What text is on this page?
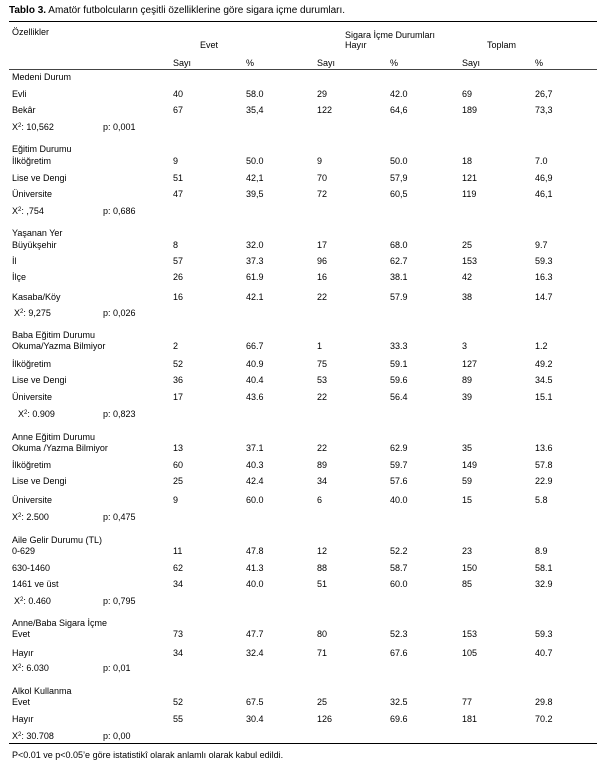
Tablo 3. Amatör futbolcuların çeşitli özelliklerine göre sigara içme durumları.
Özellikler	Sigara İçme Durumları
Evet	Hayır	Toplam
Sayı	%	Sayı	%	Sayı	%
Medeni Durum
Evli	40	58.0	29	42.0	69	26,7
Bekâr	67	35,4	122	64,6	189	73,3
$X^2$: 10,562	p: 0,001
Eğitim Durumu
İlköğretim	9	50.0	9	50.0	18	7.0
Lise ve Dengi	51	42,1	70	57,9	121	46,9
Üniversite	47	39,5	72	60,5	119	46,1
$X^2$: ,754	p: 0,686
Yaşanan Yer
Büyükşehir	8	32.0	17	68.0	25	9.7
İl	57	37.3	96	62.7	153	59.3
İlçe	26	61.9	16	38.1	42	16.3
Kasaba/Köy	16	42.1	22	57.9	38	14.7
$X^2$: 9,275	p: 0,026
Baba Eğitim Durumu
Okuma/Yazma Bilmiyor	2	66.7	1	33.3	3	1.2
İlköğretim	52	40.9	75	59.1	127	49.2
Lise ve Dengi	36	40.4	53	59.6	89	34.5
Üniversite	17	43.6	22	56.4	39	15.1
$X^2$: 0.909	p: 0,823
Anne Eğitim Durumu
Okuma /Yazma Bilmiyor	13	37.1	22	62.9	35	13.6
İlköğretim	60	40.3	89	59.7	149	57.8
Lise ve Dengi	25	42.4	34	57.6	59	22.9
Üniversite	9	60.0	6	40.0	15	5.8
$X^2$: 2.500	p: 0,475
Aile Gelir Durumu (TL)
0-629	11	47.8	12	52.2	23	8.9
630-1460	62	41.3	88	58.7	150	58.1
1461 ve üst	34	40.0	51	60.0	85	32.9
$X^2$: 0.460	p: 0,795
Anne/Baba Sigara İçme
Evet	73	47.7	80	52.3	153	59.3
Hayır	34	32.4	71	67.6	105	40.7
$X^2$: 6.030	p: 0,01
Alkol Kullanma
Evet	52	67.5	25	32.5	77	29.8
Hayır	55	30.4	126	69.6	181	70.2
$X^2$: 30.708	p: 0,00
P<0.01 ve p<0.05’e göre istatistikî olarak anlamlı olarak kabul edildi.
